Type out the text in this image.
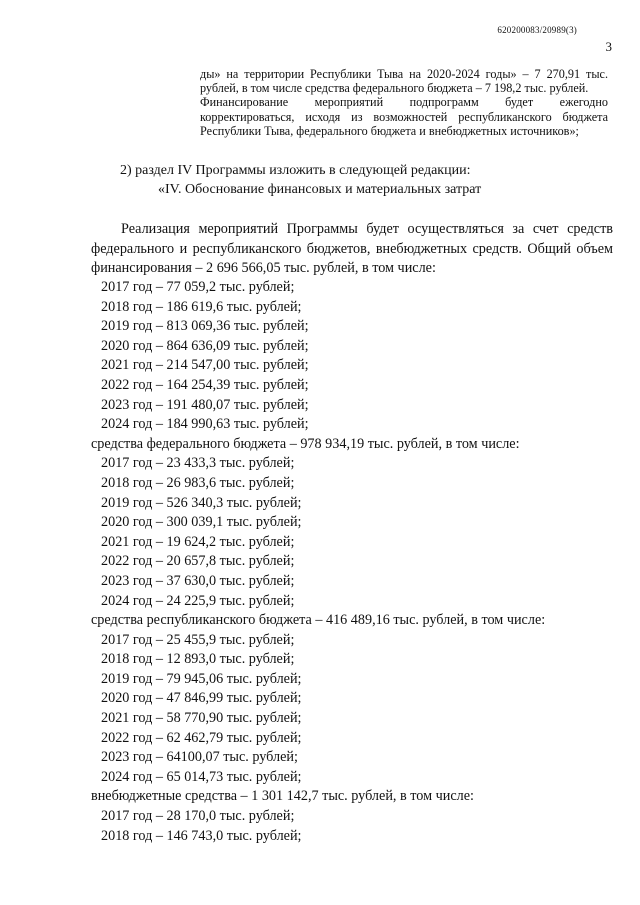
620200083/20989(3)
3

ды» на территории Республики Тыва на 2020-2024 годы» – 7 270,91 тыс. рублей, в том числе средства федерального бюджета – 7 198,2 тыс. рублей.

Финансирование мероприятий подпрограмм будет ежегодно корректироваться, исходя из возможностей республиканского бюджета Республики Тыва, федерального бюджета и внебюджетных источников»;

2) раздел IV Программы изложить в следующей редакции:
«IV. Обоснование финансовых и материальных затрат
Реализация мероприятий Программы будет осуществляться за счет средств федерального и республиканского бюджетов, внебюджетных средств. Общий объем финансирования – 2 696 566,05 тыс. рублей, в том числе:
2017 год – 77 059,2 тыс. рублей;
2018 год – 186 619,6 тыс. рублей;
2019 год – 813 069,36 тыс. рублей;
2020 год – 864 636,09 тыс. рублей;
2021 год – 214 547,00 тыс. рублей;
2022 год – 164 254,39 тыс. рублей;
2023 год – 191 480,07 тыс. рублей;
2024 год – 184 990,63 тыс. рублей;
средства федерального бюджета – 978 934,19 тыс. рублей, в том числе:
2017 год – 23 433,3 тыс. рублей;
2018 год – 26 983,6 тыс. рублей;
2019 год – 526 340,3 тыс. рублей;
2020 год – 300 039,1 тыс. рублей;
2021 год – 19 624,2 тыс. рублей;
2022 год – 20 657,8 тыс. рублей;
2023 год – 37 630,0 тыс. рублей;
2024 год – 24 225,9 тыс. рублей;
средства республиканского бюджета – 416 489,16 тыс. рублей, в том числе:
2017 год – 25 455,9 тыс. рублей;
2018 год – 12 893,0 тыс. рублей;
2019 год – 79 945,06 тыс. рублей;
2020 год – 47 846,99 тыс. рублей;
2021 год – 58 770,90 тыс. рублей;
2022 год – 62 462,79 тыс. рублей;
2023 год – 64100,07 тыс. рублей;
2024 год – 65 014,73 тыс. рублей;
внебюджетные средства – 1 301 142,7 тыс. рублей, в том числе:
2017 год – 28 170,0 тыс. рублей;
2018 год – 146 743,0 тыс. рублей;
